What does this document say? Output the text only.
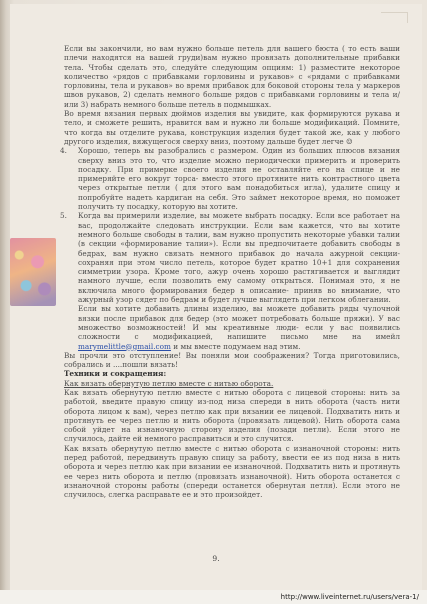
Если вы закончили, но вам нужно больше петель для вашего бюста ( то есть ваши плечи находятся на вашей груди)вам нужно провязать дополнительные прибавки тела. Чтобы сделать это, следуйте следующим опциям: 1) разместите некоторое количество «рядов с прибавками горловины и рукавов» с «рядами с прибавками горловины, тела и рукавов» во время прибавок для боковой стороны тела у маркеров швов рукавов, 2) сделать немного больше рядов с прибавками горловины и тела и/или 3) набрать немного больше петель в подмышках.

Во время вязания первых дюймов изделия вы увидите, как формируются рукава и тело, и сможете решить, нравится вам и нужно ли больше модификаций. Помните, что когда вы отделите рукава, конструкция изделия будет такой же, как у любого другого изделия, вяжущегося сверху вниз, поэтому дальше будет легче ☺

4. Хорошо, теперь вы разобрались с размером. Один из больших плюсов вязания сверху вниз это то, что изделие можно периодически примерить и проверить посадку. При примерке своего изделия не оставляйте его на спице и не примеряйте его вокруг торса- вместо этого протяните нить контрастного цвета через открытые петли ( для этого вам понадобиться игла), удалите спицу и попробуйте надеть кардиган на себя. Это займет некоторое время, но поможет получить ту посадку, которую вы хотите.

5. Когда вы примерили изделие, вы можете выбрать посадку. Если все работает на вас, продолжайте следовать инструкции. Если вам кажется, что вы хотите немного больше свободы в талии, вам нужно пропустить некоторые убавки талии (в секции «формирование талии»). Если вы предпочитаете добавить свободы в бедрах, вам нужно связать немного прибавок до начала ажурной секции- сохраняя при этом число петель, которое будет кратно 10+1 для сохранения симметрии узора. Кроме того, ажур очень хорошо растягивается и выглядит намного лучше, если позволить ему самому открыться. Понимая это, я не включила много формирования бедер в описание- приняв во внимание, что ажурный узор сядет по бедрам и будет лучше выглядеть при легком облегании.

Если вы хотите добавить длины изделию, вы можете добавить ряды чулочной вязки после прибавок для бедер (это может потребовать больше пряжи). У вас множество возможностей! И мы креативные люди- если у вас появились сложности с модификацией, напишите письмо мне на имейл marymelittle@gmail.com и мы вместе подумаем над этим.

Вы прочли это отступление! Вы поняли мои соображения? Тогда приготовились, собрались и ....пошли вязать!

Техники и сокращения:

Как вязать обернутую петлю вместе с нитью оборота.

Как вязать обернутую петлю вместе с нитью оборота с лицевой стороны: нить за работой, введите правую спицу из-под низа спереди в нить оборота (часть нити оборота лицом к вам), через петлю как при вязании ее лицевой. Подхватить нить и протянуть ее через петлю и нить оборота (провязать лицевой). Нить оборота сама собой уйдет на изнаночную сторону изделия (позади петли). Если этого не случилось, дайте ей немного расправиться и это случится.

Как вязать обернутую петлю вместе с нитью оборота с изнаночной стороны: нить перед работой, передвинуть правую спицу за работу, ввести ее из под низа в нить оборота и через петлю как при вязании ее изнаночной. Подхватить нить и протянуть ее через нить оборота и петлю (провязать изнаночной). Нить оборота останется с изнаночной стороны работы (спереди останется обернутая петля). Если этого не случилось, слегка расправьте ее и это произойдет.

9.
http://www.liveinternet.ru/users/vera-1/
